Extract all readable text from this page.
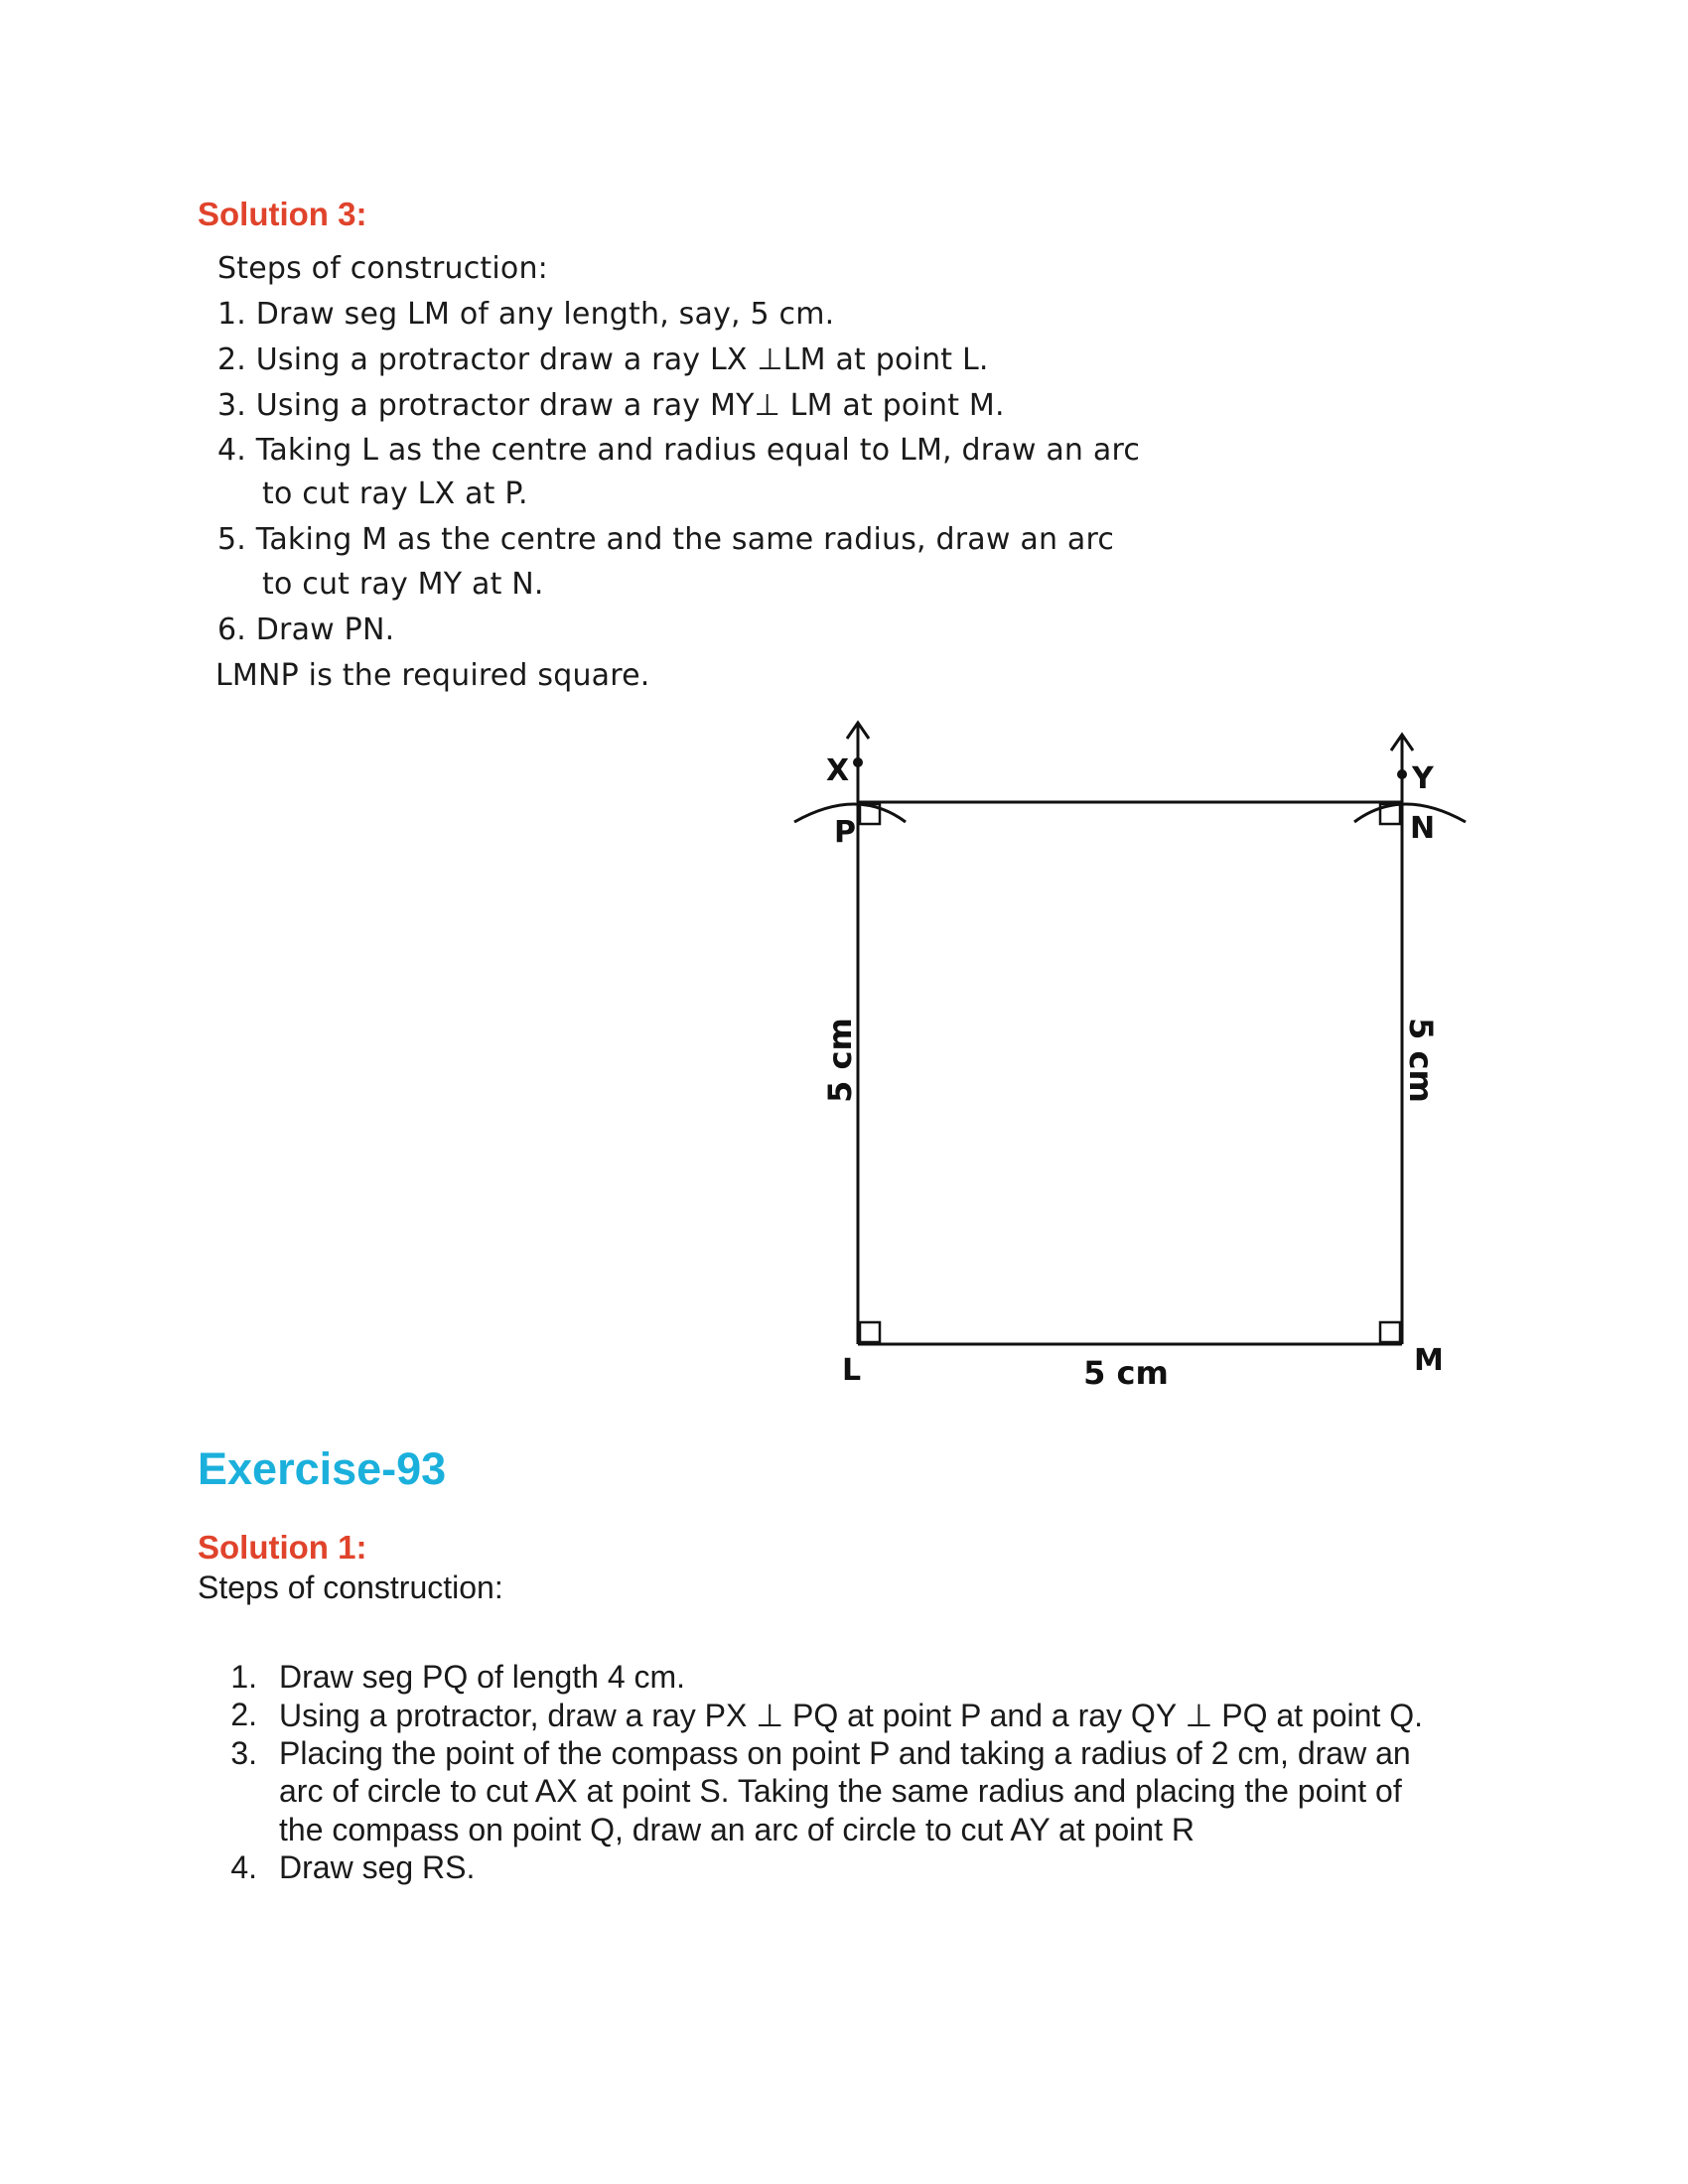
Solution 3:
Steps of construction:
1. Draw seg LM of any length, say, 5 cm.
2. Using a protractor draw a ray LX ⊥LM at point L.
3. Using a protractor draw a ray MY⊥ LM at point M.
4. Taking L as the centre and radius equal to LM, draw an arc
to cut ray LX at P.
5. Taking M as the centre and the same radius, draw an arc
to cut ray MY at N.
6. Draw PN.
LMNP is the required square.
X	Y
P	N
L	M
5 cm
5 cm	5 cm
Exercise-93
Solution 1:
Steps of construction:
1. Draw seg PQ of length 4 cm.
2. Using a protractor, draw a ray PX ⊥ PQ at point P and a ray QY ⊥ PQ at point Q.
3. Placing the point of the compass on point P and taking a radius of 2 cm, draw an
arc of circle to cut AX at point S. Taking the same radius and placing the point of
the compass on point Q, draw an arc of circle to cut AY at point R
4. Draw seg RS.
